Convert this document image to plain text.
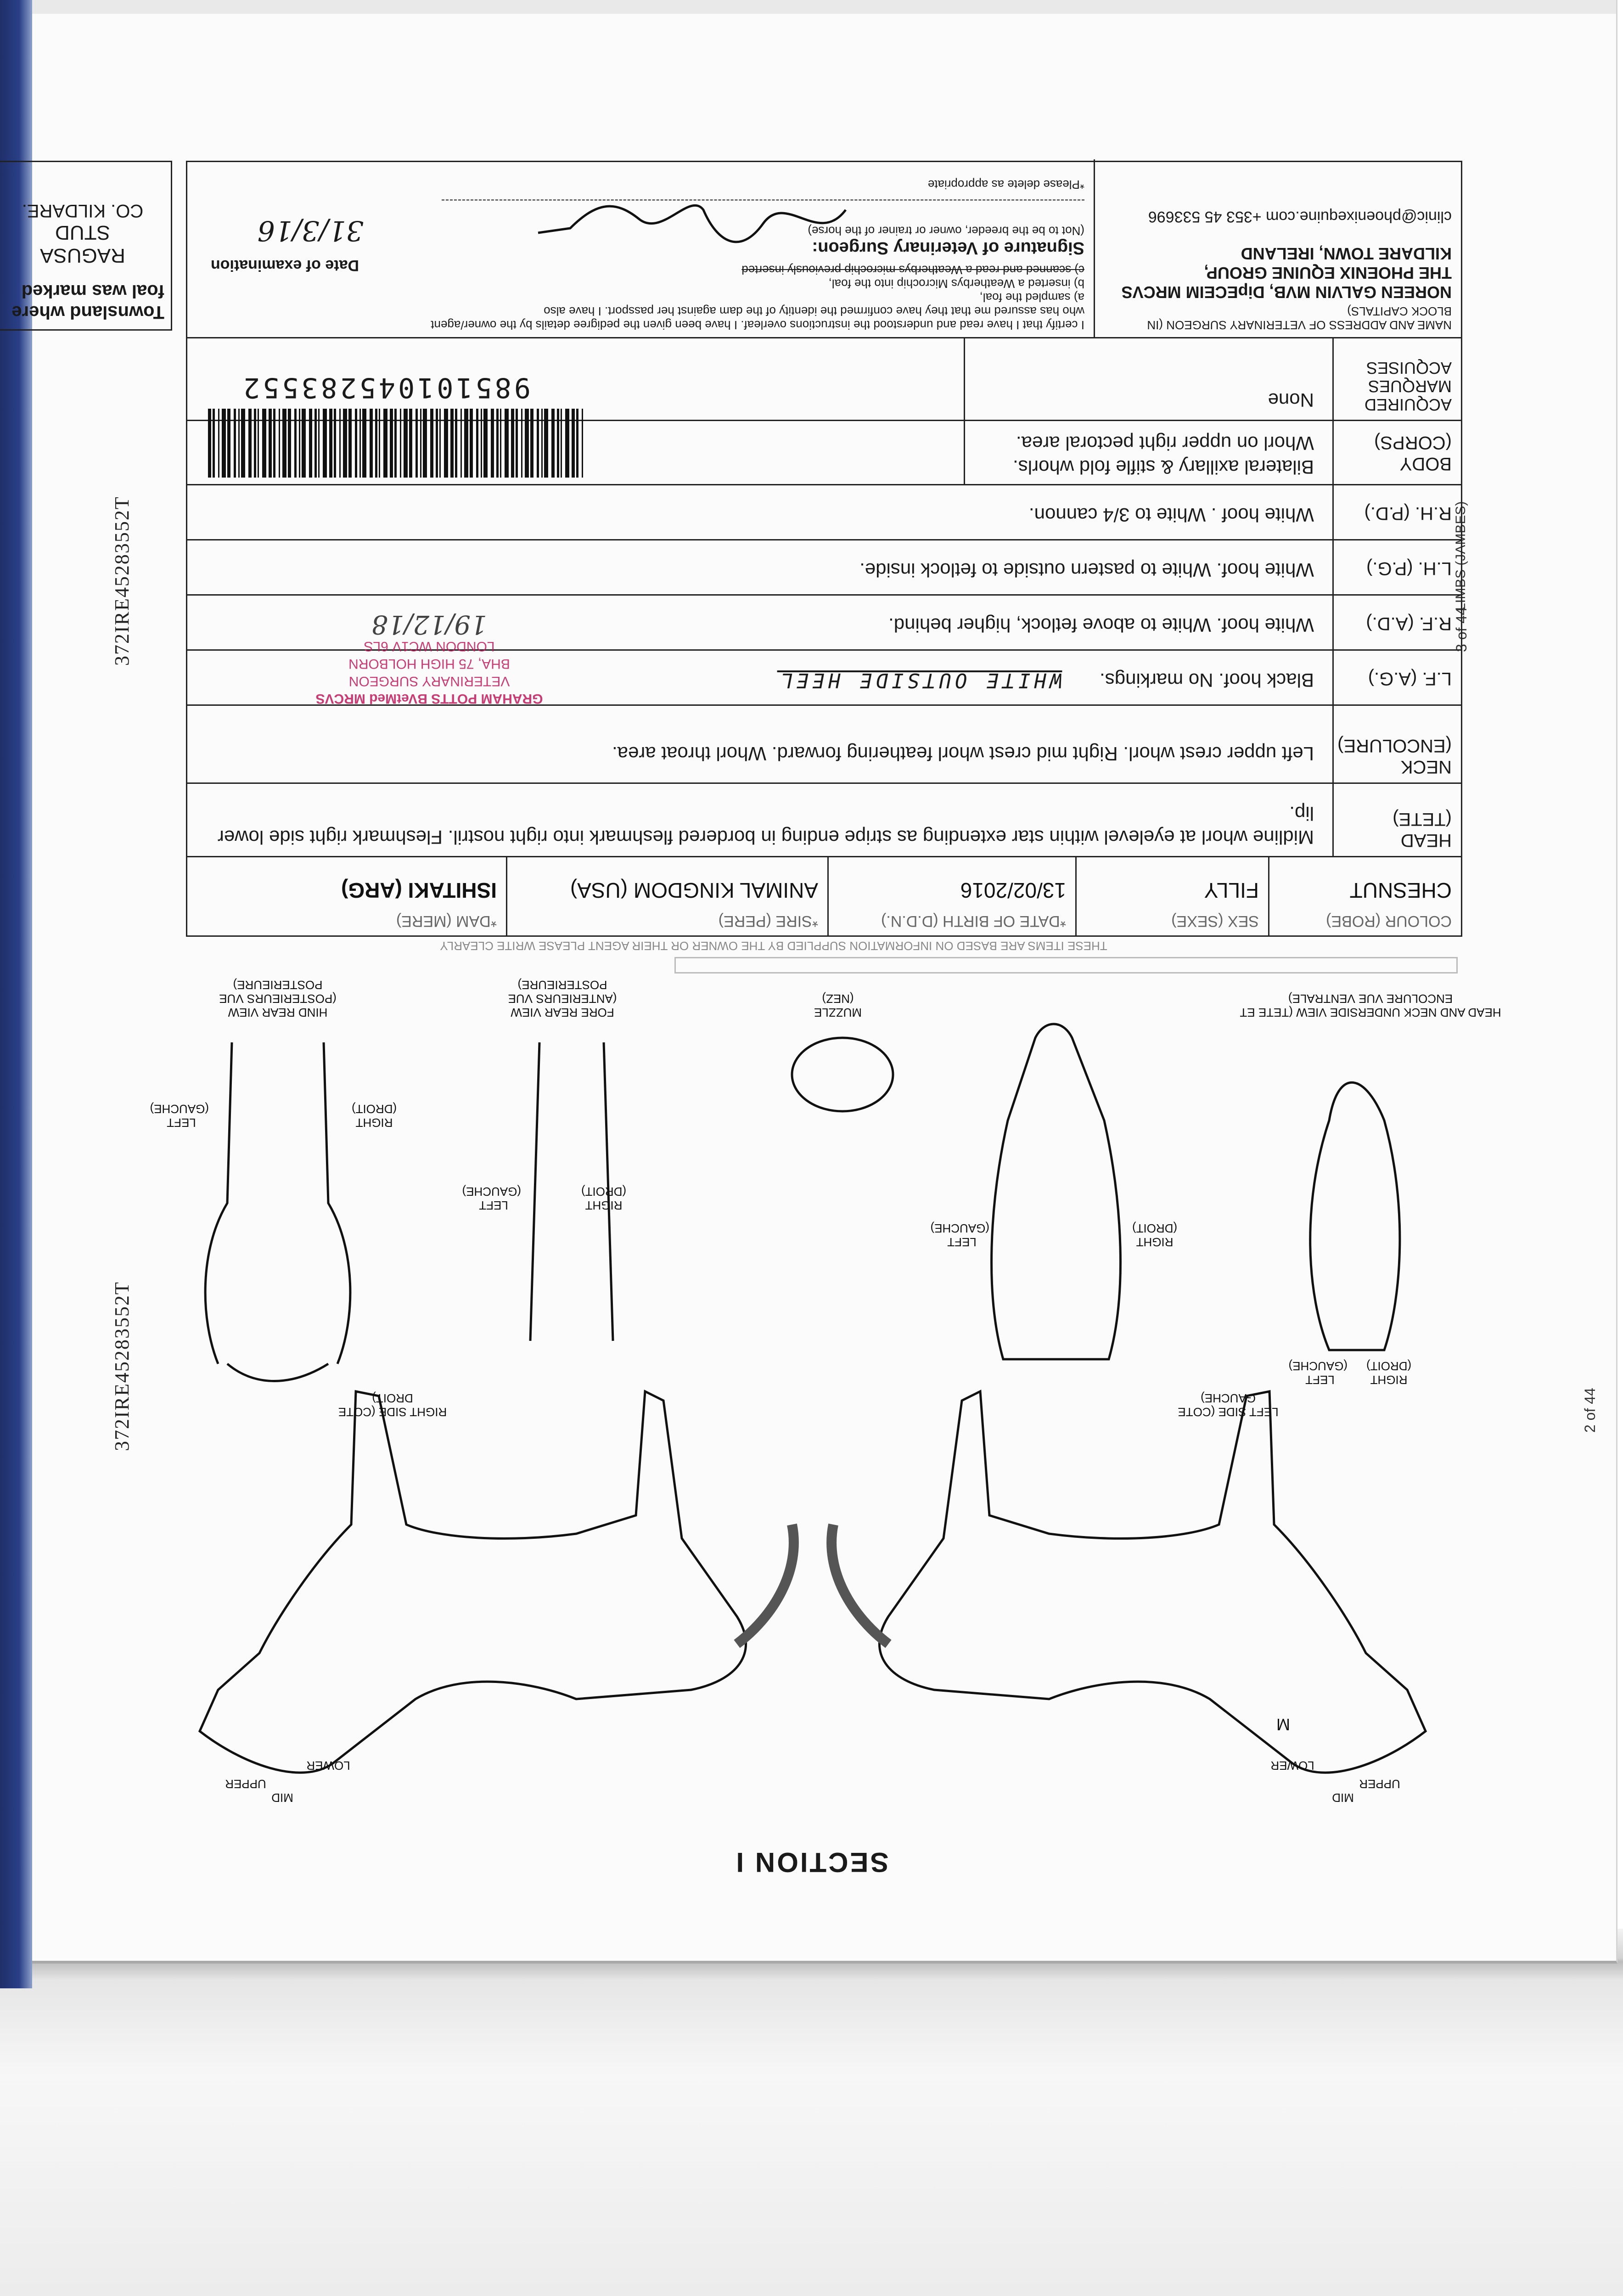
372IRE45283552T	3 of 44
LIMBS (JAMBES)
THESE ITEMS ARE BASED ON INFORMATION SUPPLIED BY THE OWNER OR THEIR AGENT PLEASE WRITE CLEARLY
COLOUR (ROBE)
CHESNUT
SEX (SEXE)
FILLY
*DATE OF BIRTH (D.D.N.)
13/02/2016
*SIRE (PERE)
ANIMAL KINGDOM (USA)
*DAM (MERE)
ISHITAKI (ARG)
HEAD (TETE)
Midline whorl at eyelevel within star extending as stripe ending in bordered fleshmark into right nostril. Fleshmark right side lower lip.
NECK (ENCOLURE)
Left upper crest whorl. Right mid crest whorl feathering forward. Whorl throat area.
L.F. (A.G.)
Black hoof. No markings. WHITE OUTSIDE HEEL
R.F. (A.D.)
White hoof. White to above fetlock, higher behind.
L.H. (P.G.)
White hoof. White to pastern outside to fetlock inside.
R.H. (P.D.)
White hoof . White to 3/4 cannon.
BODY (CORPS)
Bilateral axillary & stifle fold whorls. Whorl on upper right pectoral area.
ACQUIRED MARQUES ACQUISES
None
NAME AND ADDRESS OF VETERINARY SURGEON (IN BLOCK CAPITALS)
NOREEN GALVIN MVB, DipECEIM MRCVS
THE PHOENIX EQUINE GROUP,
KILDARE TOWN, IRELAND
clinic@phoenixequine.com +353 45 533696
I certify that I have read and understood the instructions overleaf. I have been given the pedigree details by the owner/agent
who has assured me that they have confirmed the identity of the dam against her passport. I have also
a) sampled the foal,
b) inserted a Weatherbys Microchip into the foal,
c) scanned and read a Weatherbys microchip previously inserted
Signature of Veterinary Surgeon:
(Not to be the breeder, owner or trainer of the horse)
*Please delete as appropriate
Date of examination
31/3/16
985101045283552
Townsland where foal was marked
RAGUSA
STUD
CO. KILDARE.
GRAHAM POTTS BVetMed MRCVS
VETERINARY SURGEON
BHA, 75 HIGH HOLBORN
LONDON WC1V 6LS
19/12/18
372IRE45283552T	2 of 44
SECTION I
LEFT SIDE (COTE GAUCHE)
RIGHT SIDE (COTE DROIT)
HEAD AND NECK UNDERSIDE VIEW (TETE ET ENCOLURE VUE VENTRALE)
MUZZLE (NEZ)
FORE REAR VIEW (ANTERIEURS VUE POSTERIEURE)
HIND REAR VIEW (POSTERIEURS VUE POSTERIEURE)
LEFT (GAUCHE)
RIGHT (DROIT)
LEFT (GAUCHE)
RIGHT (DROIT)
LEFT (GAUCHE)
RIGHT (DROIT)
LEFT (GAUCHE)
RIGHT (DROIT)
UPPER
MID
LOWER
M
UPPER
MID
LOWER
